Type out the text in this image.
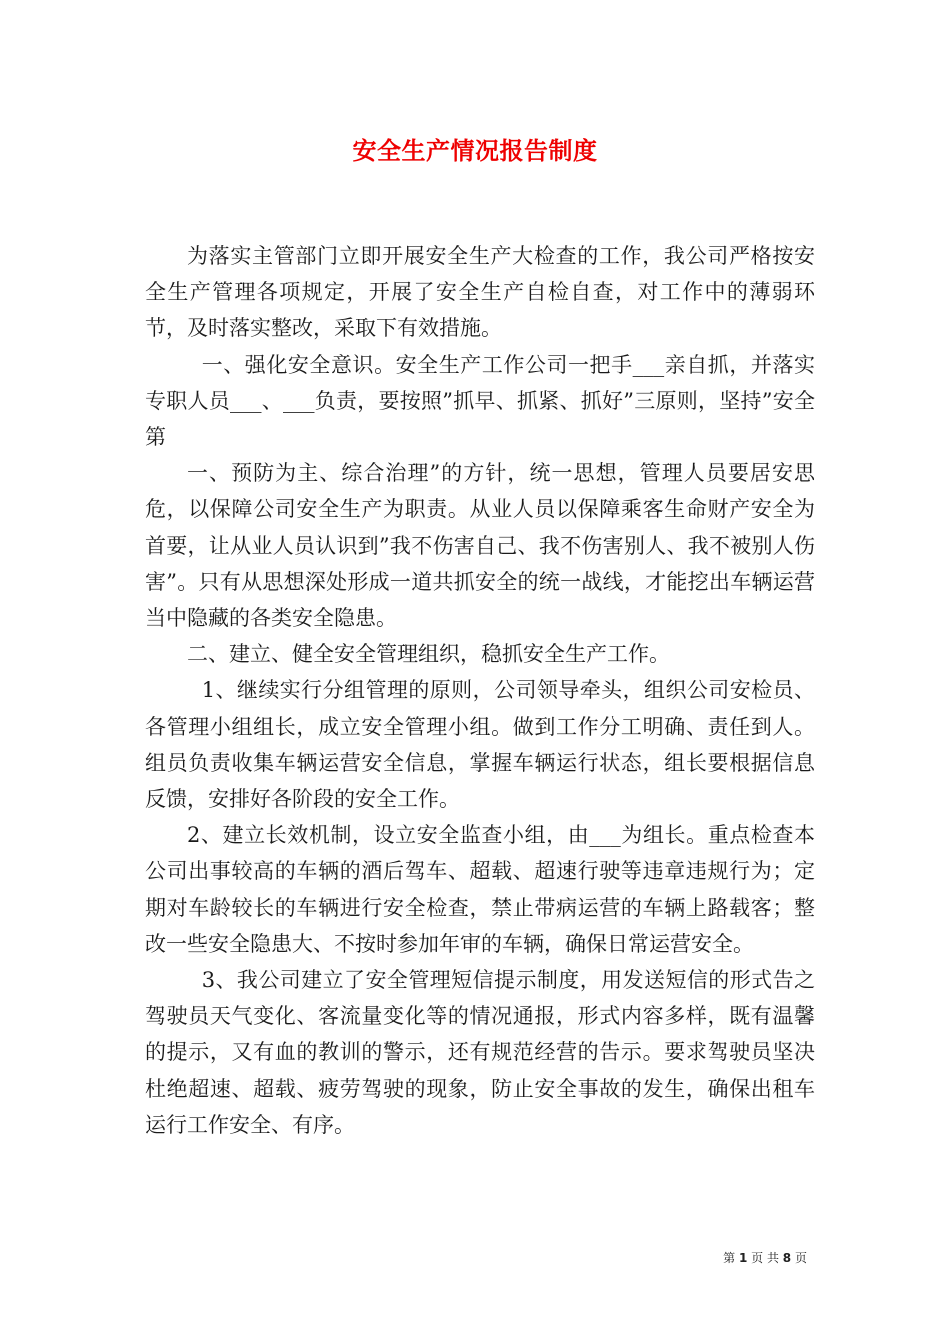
安全生产情况报告制度

为落实主管部门立即开展安全生产大检查的工作，我公司严格按安全生产管理各项规定，开展了安全生产自检自查，对工作中的薄弱环节，及时落实整改，采取下有效措施。

一、强化安全意识。安全生产工作公司一把手___亲自抓，并落实专职人员___、___负责，要按照”抓早、抓紧、抓好”三原则，坚持”安全第

一、预防为主、综合治理”的方针，统一思想，管理人员要居安思危，以保障公司安全生产为职责。从业人员以保障乘客生命财产安全为首要，让从业人员认识到”我不伤害自己、我不伤害别人、我不被别人伤害”。只有从思想深处形成一道共抓安全的统一战线，才能挖出车辆运营当中隐藏的各类安全隐患。

二、建立、健全安全管理组织，稳抓安全生产工作。

1、继续实行分组管理的原则，公司领导牵头，组织公司安检员、各管理小组组长，成立安全管理小组。做到工作分工明确、责任到人。组员负责收集车辆运营安全信息，掌握车辆运行状态，组长要根据信息反馈，安排好各阶段的安全工作。

2、建立长效机制，设立安全监查小组，由___为组长。重点检查本公司出事较高的车辆的酒后驾车、超载、超速行驶等违章违规行为；定期对车龄较长的车辆进行安全检查，禁止带病运营的车辆上路载客；整改一些安全隐患大、不按时参加年审的车辆，确保日常运营安全。

3、我公司建立了安全管理短信提示制度，用发送短信的形式告之驾驶员天气变化、客流量变化等的情况通报，形式内容多样，既有温馨的提示，又有血的教训的警示，还有规范经营的告示。要求驾驶员坚决杜绝超速、超载、疲劳驾驶的现象，防止安全事故的发生，确保出租车运行工作安全、有序。

第 1 页 共 8 页
